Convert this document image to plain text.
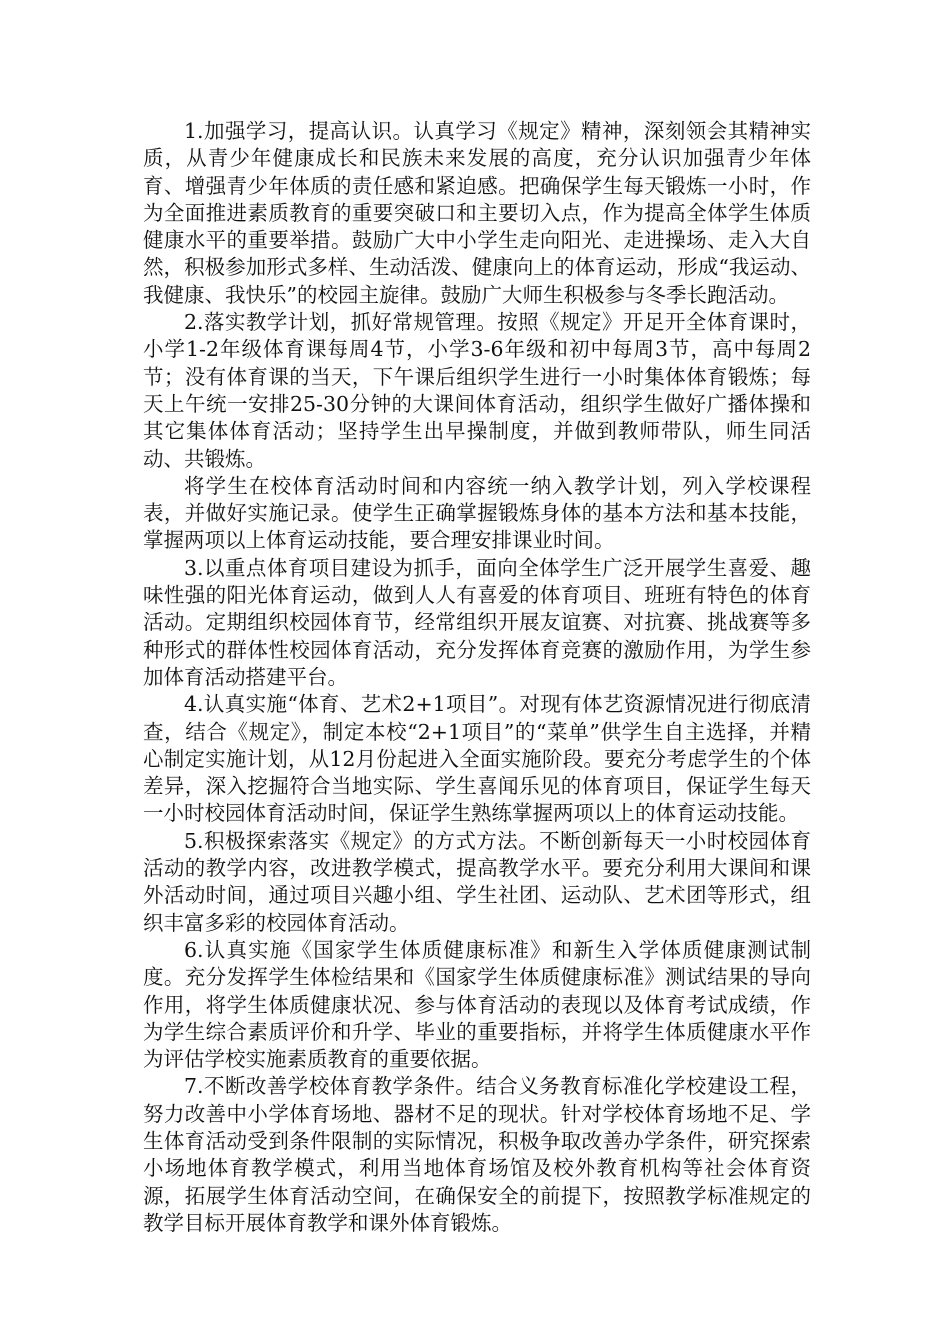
1.加强学习，提高认识。认真学习《规定》精神，深刻领会其精神实质，从青少年健康成长和民族未来发展的高度，充分认识加强青少年体育、增强青少年体质的责任感和紧迫感。把确保学生每天锻炼一小时，作为全面推进素质教育的重要突破口和主要切入点，作为提高全体学生体质健康水平的重要举措。鼓励广大中小学生走向阳光、走进操场、走入大自然，积极参加形式多样、生动活泼、健康向上的体育运动，形成“我运动、我健康、我快乐”的校园主旋律。鼓励广大师生积极参与冬季长跑活动。

2.落实教学计划，抓好常规管理。按照《规定》开足开全体育课时，小学1-2年级体育课每周4节，小学3-6年级和初中每周3节，高中每周2节；没有体育课的当天，下午课后组织学生进行一小时集体体育锻炼；每天上午统一安排25-30分钟的大课间体育活动，组织学生做好广播体操和其它集体体育活动；坚持学生出早操制度，并做到教师带队，师生同活动、共锻炼。

将学生在校体育活动时间和内容统一纳入教学计划，列入学校课程表，并做好实施记录。使学生正确掌握锻炼身体的基本方法和基本技能，掌握两项以上体育运动技能，要合理安排课业时间。

3.以重点体育项目建设为抓手，面向全体学生广泛开展学生喜爱、趣味性强的阳光体育运动，做到人人有喜爱的体育项目、班班有特色的体育活动。定期组织校园体育节，经常组织开展友谊赛、对抗赛、挑战赛等多种形式的群体性校园体育活动，充分发挥体育竞赛的激励作用，为学生参加体育活动搭建平台。

4.认真实施“体育、艺术2+1项目”。对现有体艺资源情况进行彻底清查，结合《规定》，制定本校“2+1项目”的“菜单”供学生自主选择，并精心制定实施计划，从12月份起进入全面实施阶段。要充分考虑学生的个体差异，深入挖掘符合当地实际、学生喜闻乐见的体育项目，保证学生每天一小时校园体育活动时间，保证学生熟练掌握两项以上的体育运动技能。

5.积极探索落实《规定》的方式方法。不断创新每天一小时校园体育活动的教学内容，改进教学模式，提高教学水平。要充分利用大课间和课外活动时间，通过项目兴趣小组、学生社团、运动队、艺术团等形式，组织丰富多彩的校园体育活动。

6.认真实施《国家学生体质健康标准》和新生入学体质健康测试制度。充分发挥学生体检结果和《国家学生体质健康标准》测试结果的导向作用，将学生体质健康状况、参与体育活动的表现以及体育考试成绩，作为学生综合素质评价和升学、毕业的重要指标，并将学生体质健康水平作为评估学校实施素质教育的重要依据。

7.不断改善学校体育教学条件。结合义务教育标准化学校建设工程，努力改善中小学体育场地、器材不足的现状。针对学校体育场地不足、学生体育活动受到条件限制的实际情况，积极争取改善办学条件，研究探索小场地体育教学模式，利用当地体育场馆及校外教育机构等社会体育资源，拓展学生体育活动空间，在确保安全的前提下，按照教学标准规定的教学目标开展体育教学和课外体育锻炼。
